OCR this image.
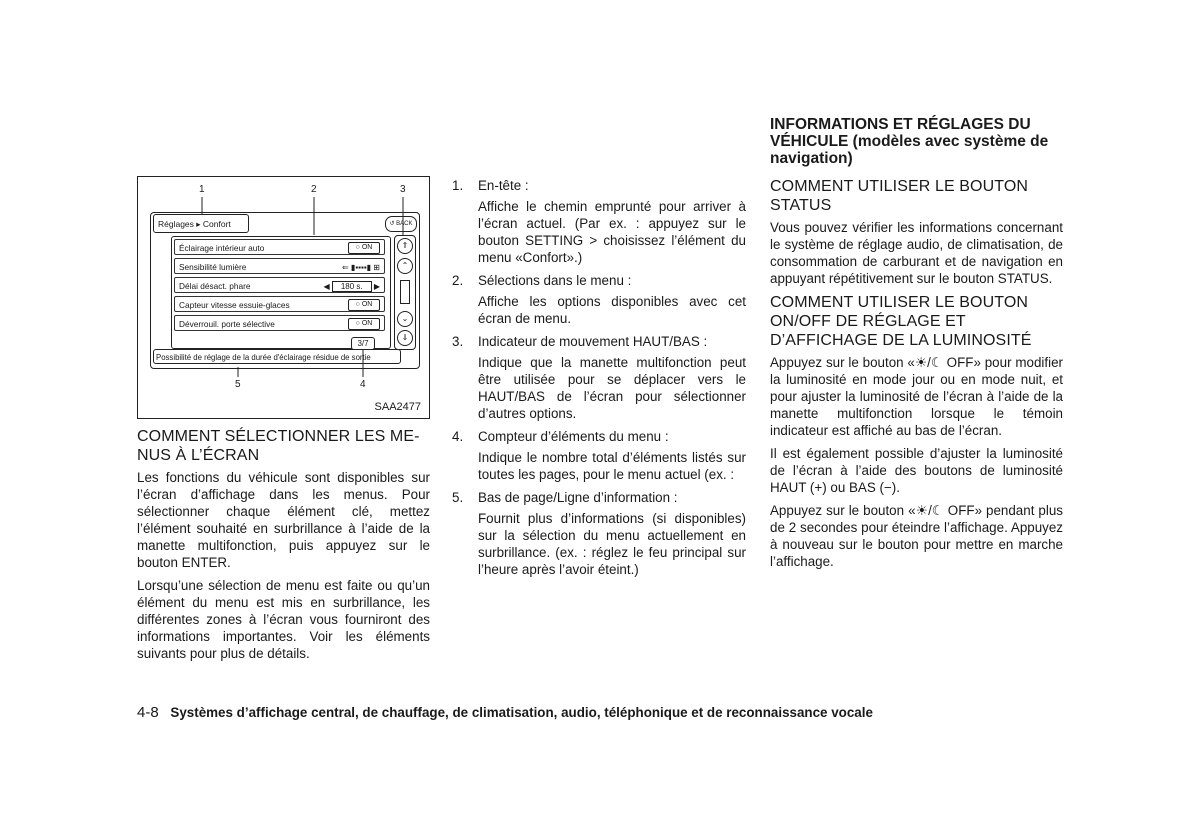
1	2	3
4
5
Réglages ▸ Confort	↺ BACK
Éclairage intérieur auto	○ ON
Sensibilité lumière	⇐ ▮▪▪▪▪▮ ⊞
Délai désact. phare	◀ 180 s. ▶
Capteur vitesse essuie-glaces	○ ON
Déverrouil. porte sélective	○ ON
⇑
⌃
⌄
⇓
3/7
Possibilité de réglage de la durée d'éclairage résidue de sortie
SAA2477
COMMENT SÉLECTIONNER LES ME-NUS À L’ÉCRAN

Les fonctions du véhicule sont disponibles sur l’écran d’affichage dans les menus. Pour sélectionner chaque élément clé, mettez l’élément souhaité en surbrillance à l’aide de la manette multifonction, puis appuyez sur le bouton ENTER.

Lorsqu’une sélection de menu est faite ou qu’un élément du menu est mis en surbrillance, les différentes zones à l’écran vous fourniront des informations importantes. Voir les éléments suivants pour plus de détails.

1.	En-tête :

Affiche le chemin emprunté pour arriver à l’écran actuel. (Par ex. : appuyez sur le bouton SETTING > choisissez l’élément du menu «Confort».)

2.	Sélections dans le menu :

Affiche les options disponibles avec cet écran de menu.

3.	Indicateur de mouvement HAUT/BAS :

Indique que la manette multifonction peut être utilisée pour se déplacer vers le HAUT/BAS de l’écran pour sélectionner d’autres options.

4.	Compteur d’éléments du menu :

Indique le nombre total d’éléments listés sur toutes les pages, pour le menu actuel (ex. :

5.	Bas de page/Ligne d’information :

Fournit plus d’informations (si disponibles) sur la sélection du menu actuellement en surbrillance. (ex. : réglez le feu principal sur l’heure après l’avoir éteint.)

INFORMATIONS ET RÉGLAGES DU VÉHICULE (modèles avec système de navigation)
COMMENT UTILISER LE BOUTON STATUS

Vous pouvez vérifier les informations concernant le système de réglage audio, de climatisation, de consommation de carburant et de navigation en appuyant répétitivement sur le bouton STATUS.

COMMENT UTILISER LE BOUTON ON/OFF DE RÉGLAGE ET D’AFFICHAGE DE LA LUMINOSITÉ

Appuyez sur le bouton «☀/☾ OFF» pour modifier la luminosité en mode jour ou en mode nuit, et pour ajuster la luminosité de l’écran à l’aide de la manette multifonction lorsque le témoin indicateur est affiché au bas de l’écran.

Il est également possible d’ajuster la luminosité de l’écran à l’aide des boutons de luminosité HAUT (+) ou BAS (−).

Appuyez sur le bouton «☀/☾ OFF» pendant plus de 2 secondes pour éteindre l’affichage. Appuyez à nouveau sur le bouton pour mettre en marche l’affichage.

4-8 Systèmes d’affichage central, de chauffage, de climatisation, audio, téléphonique et de reconnaissance vocale
